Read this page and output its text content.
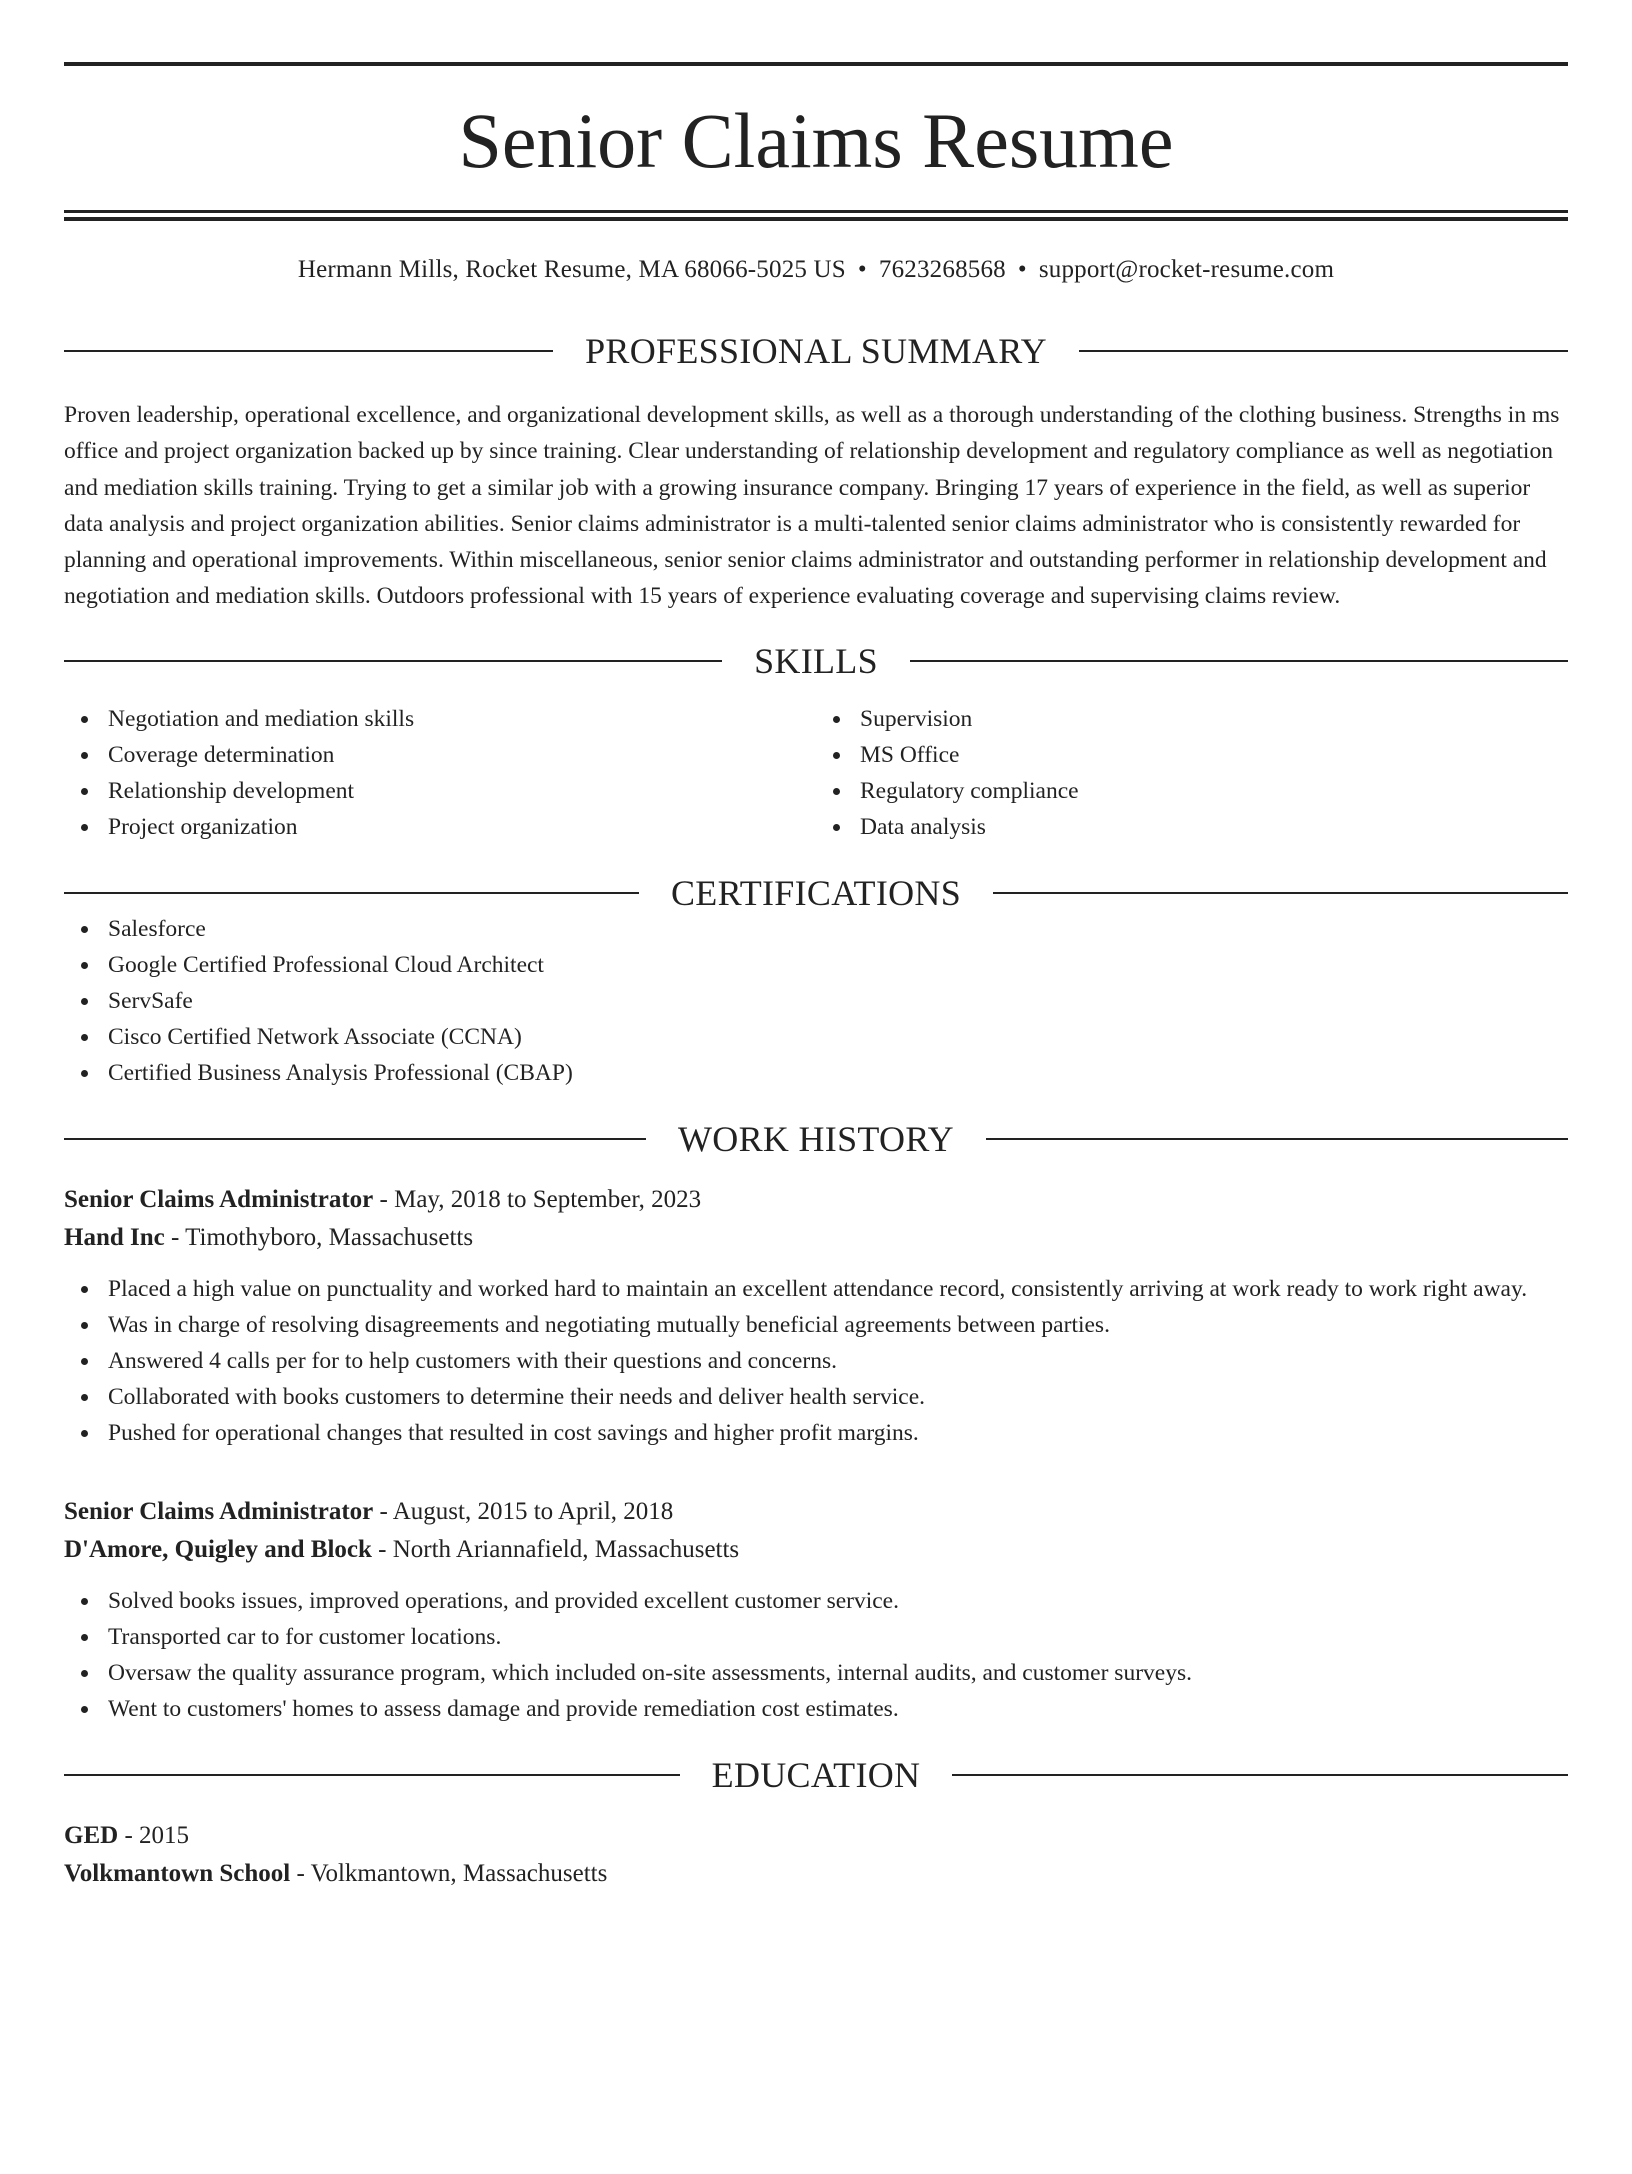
Senior Claims Resume
Hermann Mills, Rocket Resume, MA 68066-5025 US • 7623268568 • support@rocket-resume.com
PROFESSIONAL SUMMARY
Proven leadership, operational excellence, and organizational development skills, as well as a thorough understanding of the clothing business. Strengths in ms office and project organization backed up by since training. Clear understanding of relationship development and regulatory compliance as well as negotiation and mediation skills training. Trying to get a similar job with a growing insurance company. Bringing 17 years of experience in the field, as well as superior data analysis and project organization abilities. Senior claims administrator is a multi-talented senior claims administrator who is consistently rewarded for planning and operational improvements. Within miscellaneous, senior senior claims administrator and outstanding performer in relationship development and negotiation and mediation skills. Outdoors professional with 15 years of experience evaluating coverage and supervising claims review.
SKILLS
Negotiation and mediation skills
Coverage determination
Relationship development
Project organization
Supervision
MS Office
Regulatory compliance
Data analysis
CERTIFICATIONS
Salesforce
Google Certified Professional Cloud Architect
ServSafe
Cisco Certified Network Associate (CCNA)
Certified Business Analysis Professional (CBAP)
WORK HISTORY
Senior Claims Administrator - May, 2018 to September, 2023
Hand Inc - Timothyboro, Massachusetts
Placed a high value on punctuality and worked hard to maintain an excellent attendance record, consistently arriving at work ready to work right away.
Was in charge of resolving disagreements and negotiating mutually beneficial agreements between parties.
Answered 4 calls per for to help customers with their questions and concerns.
Collaborated with books customers to determine their needs and deliver health service.
Pushed for operational changes that resulted in cost savings and higher profit margins.
Senior Claims Administrator - August, 2015 to April, 2018
D'Amore, Quigley and Block - North Ariannafield, Massachusetts
Solved books issues, improved operations, and provided excellent customer service.
Transported car to for customer locations.
Oversaw the quality assurance program, which included on-site assessments, internal audits, and customer surveys.
Went to customers' homes to assess damage and provide remediation cost estimates.
EDUCATION
GED - 2015
Volkmantown School - Volkmantown, Massachusetts
